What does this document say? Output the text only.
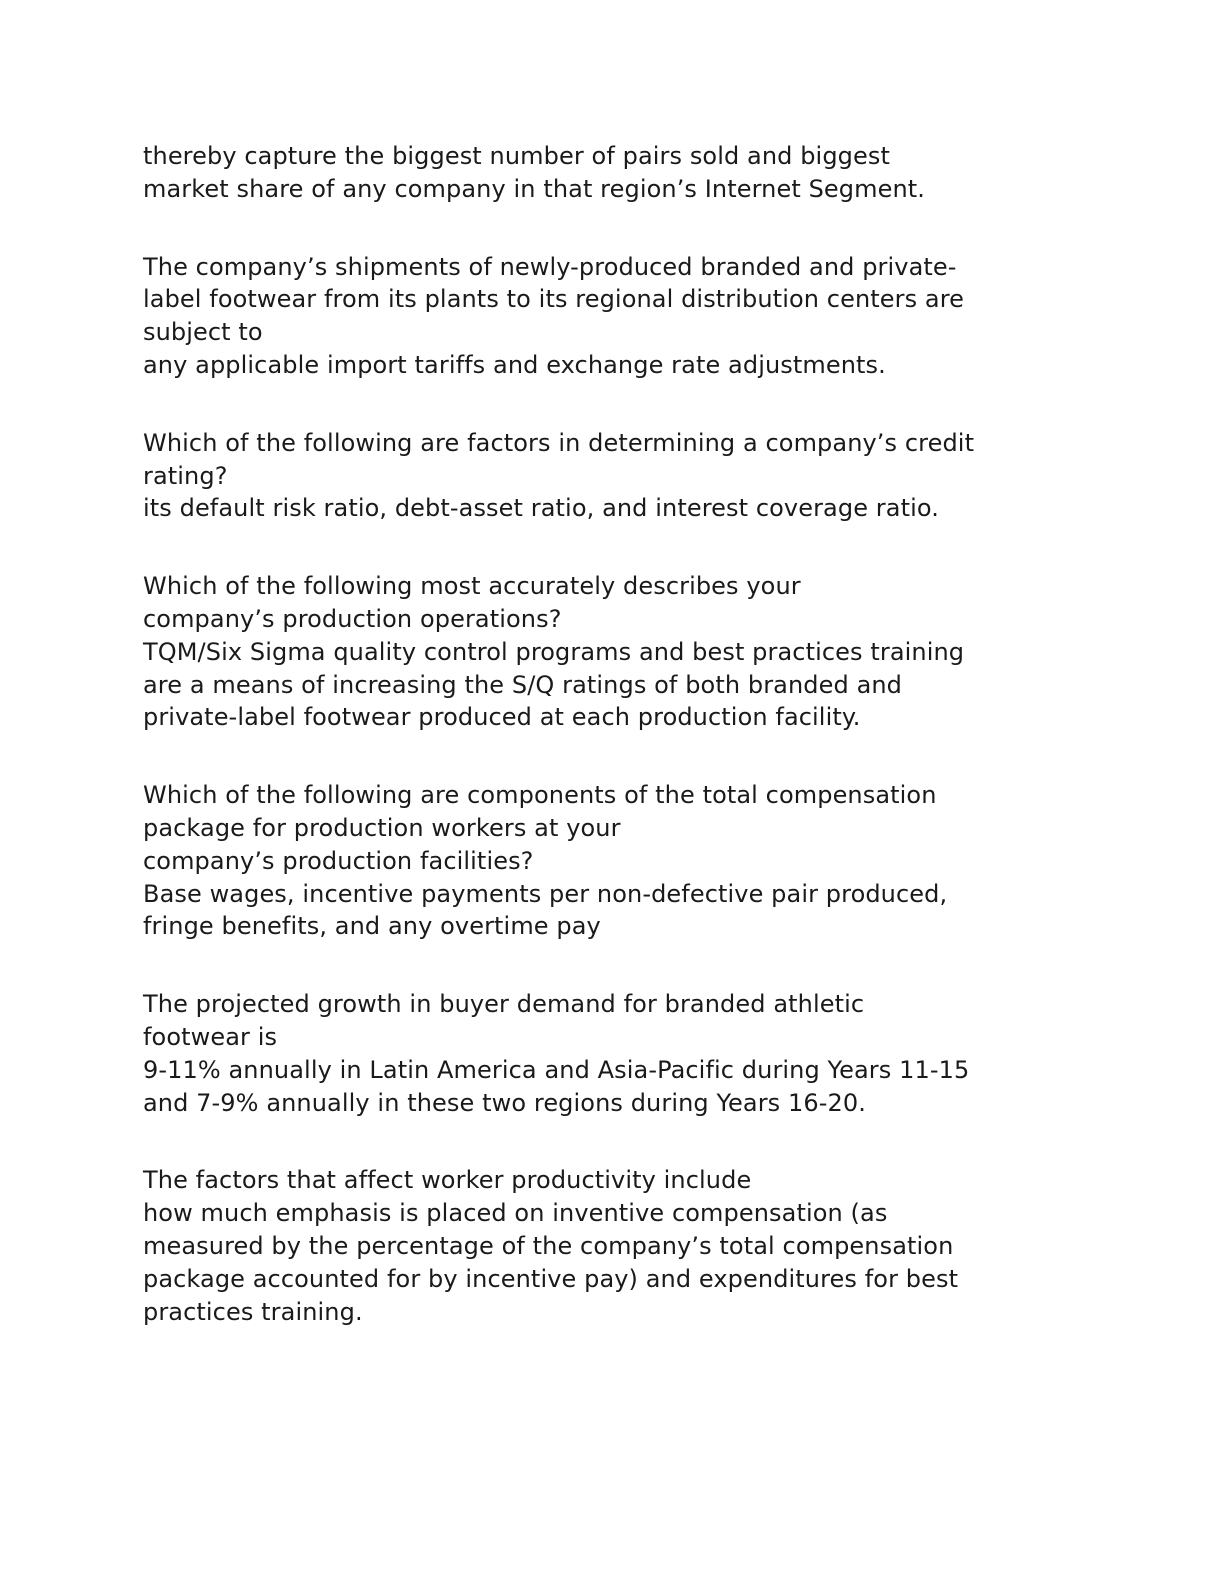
thereby capture the biggest number of pairs sold and biggest
market share of any company in that region’s Internet Segment.

The company’s shipments of newly-produced branded and private-
label footwear from its plants to its regional distribution centers are
subject to
any applicable import tariffs and exchange rate adjustments.

Which of the following are factors in determining a company’s credit
rating?
its default risk ratio, debt-asset ratio, and interest coverage ratio.

Which of the following most accurately describes your
company’s production operations?
TQM/Six Sigma quality control programs and best practices training
are a means of increasing the S/Q ratings of both branded and
private-label footwear produced at each production facility.

Which of the following are components of the total compensation
package for production workers at your
company’s production facilities?
Base wages, incentive payments per non-defective pair produced,
fringe benefits, and any overtime pay

The projected growth in buyer demand for branded athletic
footwear is
9-11% annually in Latin America and Asia-Pacific during Years 11-15
and 7-9% annually in these two regions during Years 16-20.

The factors that affect worker productivity include
how much emphasis is placed on inventive compensation (as
measured by the percentage of the company’s total compensation
package accounted for by incentive pay) and expenditures for best
practices training.
